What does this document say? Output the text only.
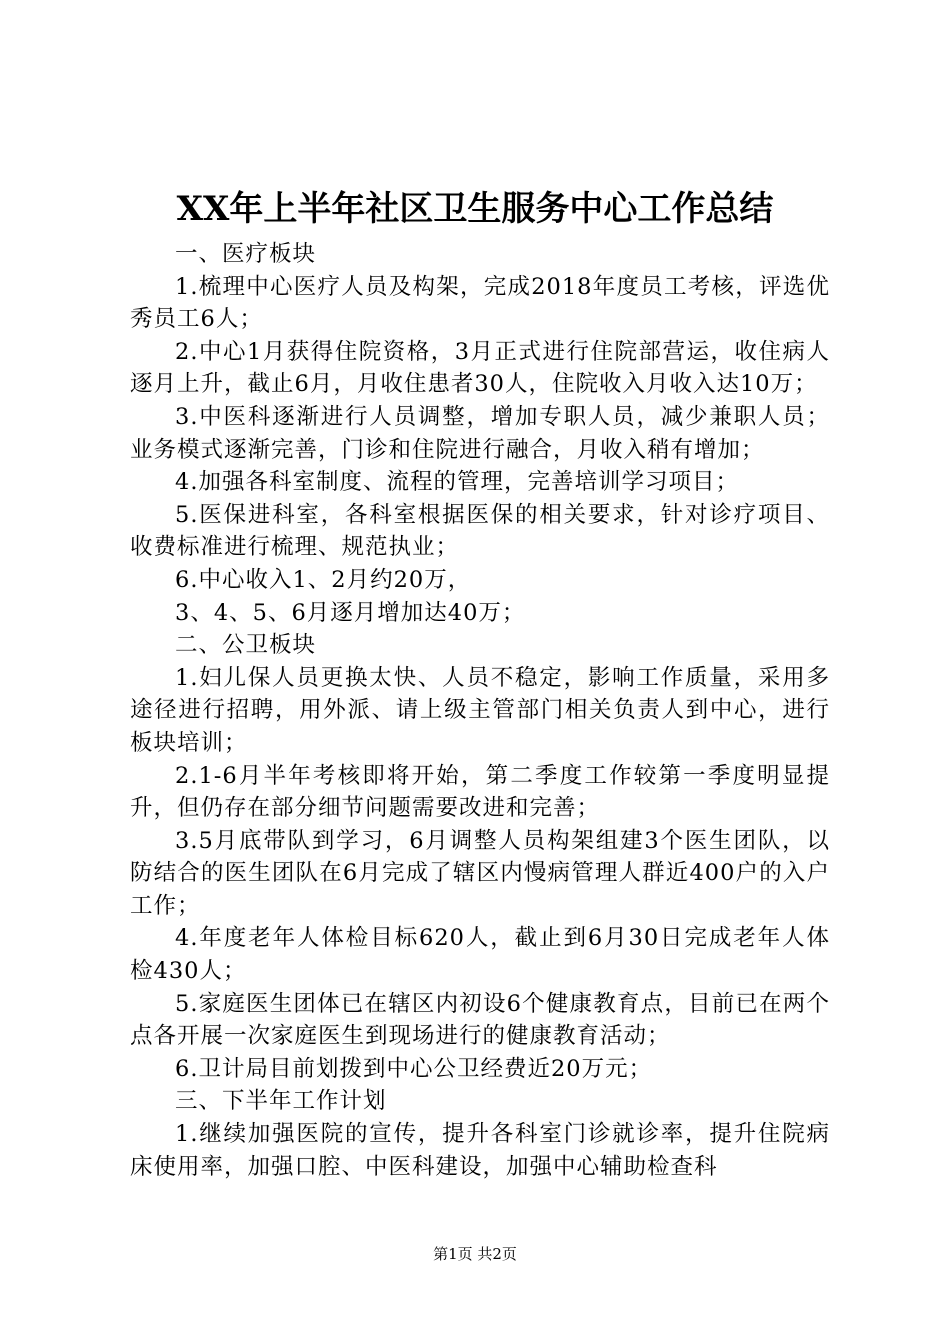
XX年上半年社区卫生服务中心工作总结

一、医疗板块

1.梳理中心医疗人员及构架，完成2018年度员工考核，评选优秀员工6人；

2.中心1月获得住院资格，3月正式进行住院部营运，收住病人逐月上升，截止6月，月收住患者30人，住院收入月收入达10万；

3.中医科逐渐进行人员调整，增加专职人员，减少兼职人员；业务模式逐渐完善，门诊和住院进行融合，月收入稍有增加；

4.加强各科室制度、流程的管理，完善培训学习项目；

5.医保进科室，各科室根据医保的相关要求，针对诊疗项目、收费标准进行梳理、规范执业；

6.中心收入1、2月约20万，

3、4、5、6月逐月增加达40万；

二、公卫板块

1.妇儿保人员更换太快、人员不稳定，影响工作质量，采用多途径进行招聘，用外派、请上级主管部门相关负责人到中心，进行板块培训；

2.1-6月半年考核即将开始，第二季度工作较第一季度明显提升，但仍存在部分细节问题需要改进和完善；

3.5月底带队到学习，6月调整人员构架组建3个医生团队，以防结合的医生团队在6月完成了辖区内慢病管理人群近400户的入户工作；

4.年度老年人体检目标620人，截止到6月30日完成老年人体检430人；

5.家庭医生团体已在辖区内初设6个健康教育点，目前已在两个点各开展一次家庭医生到现场进行的健康教育活动；

6.卫计局目前划拨到中心公卫经费近20万元；

三、下半年工作计划

1.继续加强医院的宣传，提升各科室门诊就诊率，提升住院病床使用率，加强口腔、中医科建设，加强中心辅助检查科

第1页 共2页
